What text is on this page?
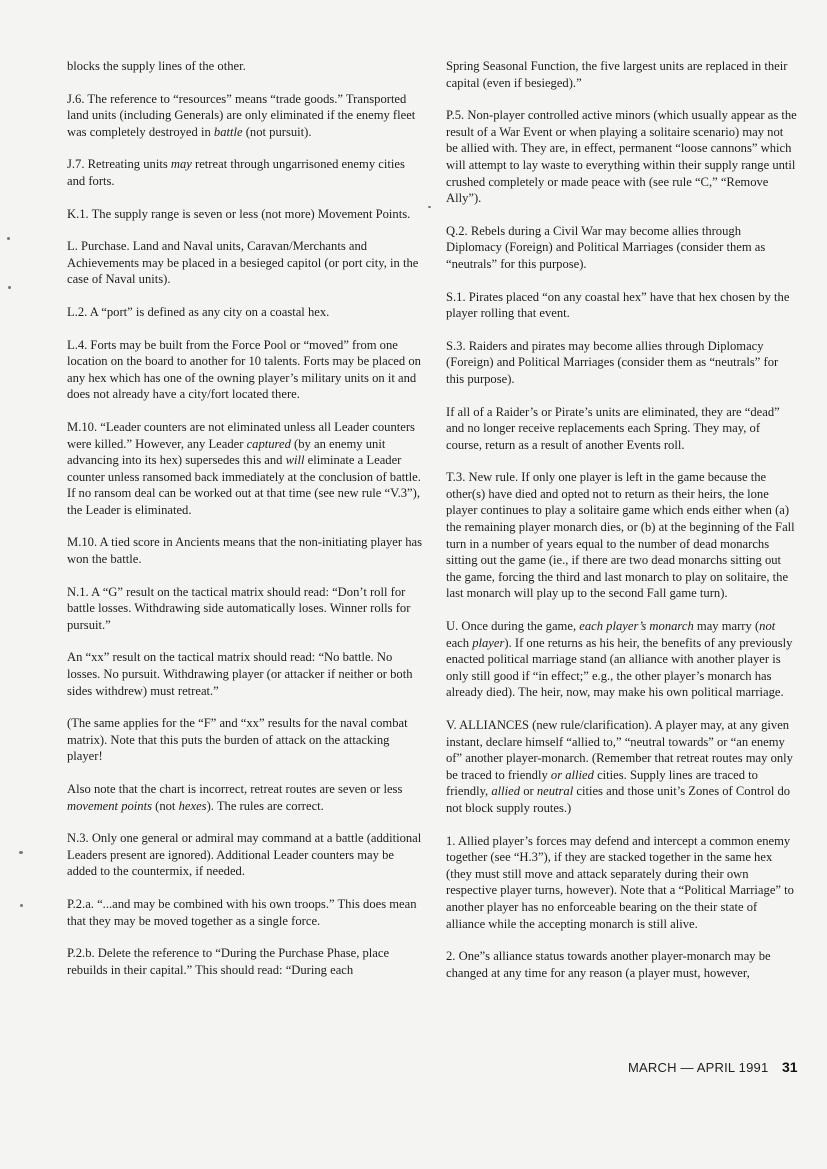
blocks the supply lines of the other.

J.6. The reference to “resources” means “trade goods.” Transported land units (including Generals) are only eliminated if the enemy fleet was completely destroyed in battle (not pursuit).

J.7. Retreating units may retreat through ungarrisoned enemy cities and forts.

K.1. The supply range is seven or less (not more) Movement Points.

L. Purchase. Land and Naval units, Caravan/Merchants and Achievements may be placed in a besieged capitol (or port city, in the case of Naval units).

L.2. A “port” is defined as any city on a coastal hex.

L.4. Forts may be built from the Force Pool or “moved” from one location on the board to another for 10 talents. Forts may be placed on any hex which has one of the owning player’s military units on it and does not already have a city/fort located there.

M.10. “Leader counters are not eliminated unless all Leader counters were killed.” However, any Leader captured (by an enemy unit advancing into its hex) supersedes this and will eliminate a Leader counter unless ransomed back immediately at the conclusion of battle. If no ransom deal can be worked out at that time (see new rule “V.3”), the Leader is eliminated.

M.10. A tied score in Ancients means that the non-initiating player has won the battle.

N.1. A “G” result on the tactical matrix should read: “Don’t roll for battle losses. Withdrawing side automatically loses. Winner rolls for pursuit.”

An “xx” result on the tactical matrix should read: “No battle. No losses. No pursuit. Withdrawing player (or attacker if neither or both sides withdrew) must retreat.”

(The same applies for the “F” and “xx” results for the naval combat matrix). Note that this puts the burden of attack on the attacking player!

Also note that the chart is incorrect, retreat routes are seven or less movement points (not hexes). The rules are correct.

N.3. Only one general or admiral may command at a battle (additional Leaders present are ignored). Additional Leader counters may be added to the countermix, if needed.

P.2.a. “...and may be combined with his own troops.” This does mean that they may be moved together as a single force.

P.2.b. Delete the reference to “During the Purchase Phase, place rebuilds in their capital.” This should read: “During each

Spring Seasonal Function, the five largest units are replaced in their capital (even if besieged).”

P.5. Non-player controlled active minors (which usually appear as the result of a War Event or when playing a solitaire scenario) may not be allied with. They are, in effect, permanent “loose cannons” which will attempt to lay waste to everything within their supply range until crushed completely or made peace with (see rule “C,” “Remove Ally”).

Q.2. Rebels during a Civil War may become allies through Diplomacy (Foreign) and Political Marriages (consider them as “neutrals” for this purpose).

S.1. Pirates placed “on any coastal hex” have that hex chosen by the player rolling that event.

S.3. Raiders and pirates may become allies through Diplomacy (Foreign) and Political Marriages (consider them as “neutrals” for this purpose).

If all of a Raider’s or Pirate’s units are eliminated, they are “dead” and no longer receive replacements each Spring. They may, of course, return as a result of another Events roll.

T.3. New rule. If only one player is left in the game because the other(s) have died and opted not to return as their heirs, the lone player continues to play a solitaire game which ends either when (a) the remaining player monarch dies, or (b) at the beginning of the Fall turn in a number of years equal to the number of dead monarchs sitting out the game (ie., if there are two dead monarchs sitting out the game, forcing the third and last monarch to play on solitaire, the last monarch will play up to the second Fall game turn).

U. Once during the game, each player’s monarch may marry (not each player). If one returns as his heir, the benefits of any previously enacted political marriage stand (an alliance with another player is only still good if “in effect;” e.g., the other player’s monarch has already died). The heir, now, may make his own political marriage.

V. ALLIANCES (new rule/clarification). A player may, at any given instant, declare himself “allied to,” “neutral towards” or “an enemy of” another player-monarch. (Remember that retreat routes may only be traced to friendly or allied cities. Supply lines are traced to friendly, allied or neutral cities and those unit’s Zones of Control do not block supply routes.)

1. Allied player’s forces may defend and intercept a common enemy together (see “H.3”), if they are stacked together in the same hex (they must still move and attack separately during their own respective player turns, however). Note that a “Political Marriage” to another player has no enforceable bearing on the their state of alliance while the accepting monarch is still alive.

2. One”s alliance status towards another player-monarch may be changed at any time for any reason (a player must, however,

MARCH — APRIL 1991 31
